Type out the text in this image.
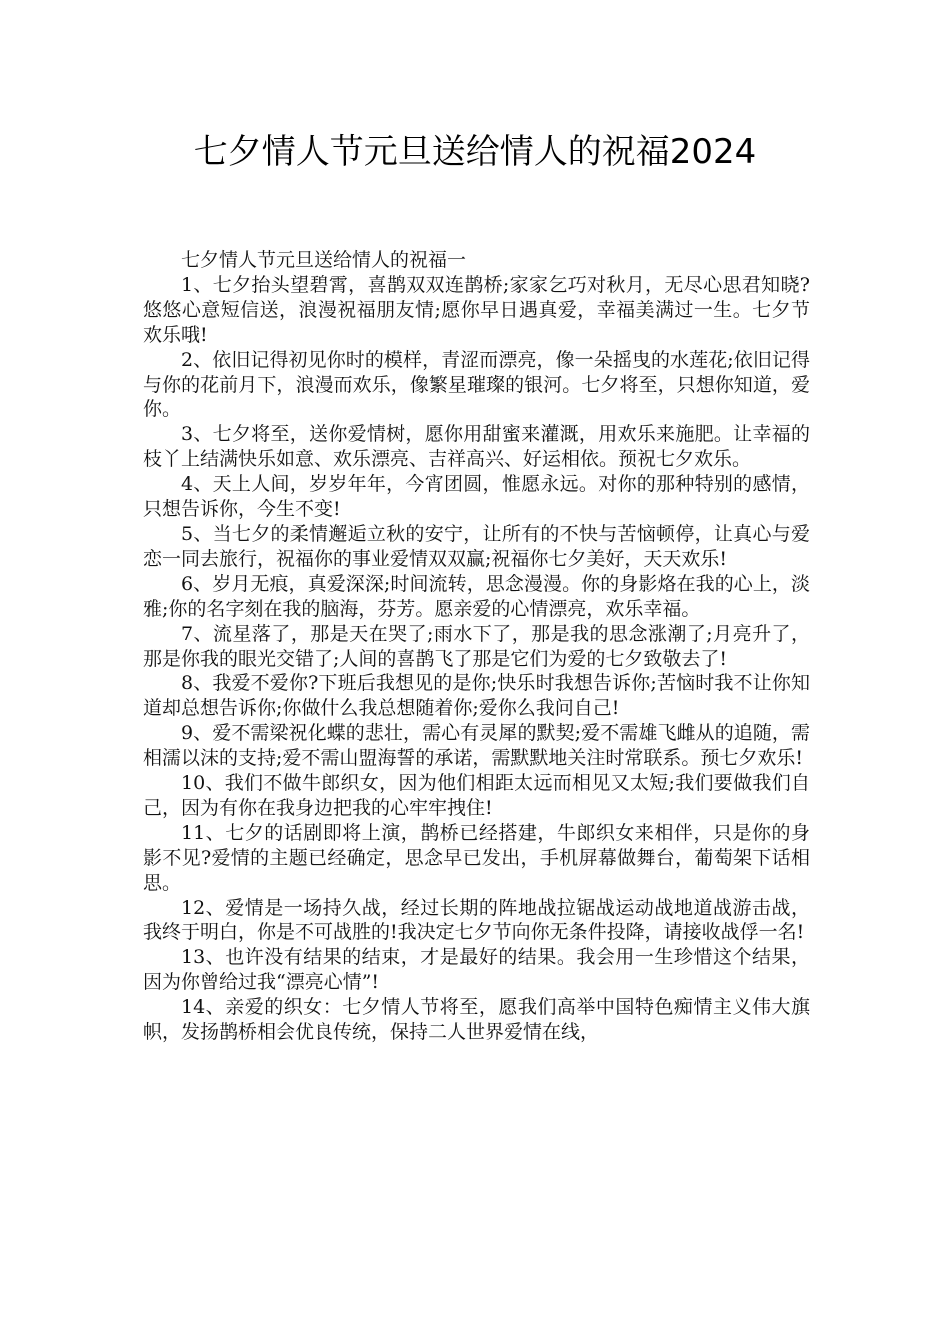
七夕情人节元旦送给情人的祝福2024

七夕情人节元旦送给情人的祝福一

1、七夕抬头望碧霄，喜鹊双双连鹊桥;家家乞巧对秋月，无尽心思君知晓?悠悠心意短信送，浪漫祝福朋友情;愿你早日遇真爱，幸福美满过一生。七夕节欢乐哦!

2、依旧记得初见你时的模样，青涩而漂亮，像一朵摇曳的水莲花;依旧记得与你的花前月下，浪漫而欢乐，像繁星璀璨的银河。七夕将至，只想你知道，爱你。

3、七夕将至，送你爱情树，愿你用甜蜜来灌溉，用欢乐来施肥。让幸福的枝丫上结满快乐如意、欢乐漂亮、吉祥高兴、好运相依。预祝七夕欢乐。

4、天上人间，岁岁年年，今宵团圆，惟愿永远。对你的那种特别的感情，只想告诉你，今生不变!

5、当七夕的柔情邂逅立秋的安宁，让所有的不快与苦恼顿停，让真心与爱恋一同去旅行，祝福你的事业爱情双双赢;祝福你七夕美好，天天欢乐!

6、岁月无痕，真爱深深;时间流转，思念漫漫。你的身影烙在我的心上，淡雅;你的名字刻在我的脑海，芬芳。愿亲爱的心情漂亮，欢乐幸福。

7、流星落了，那是天在哭了;雨水下了，那是我的思念涨潮了;月亮升了，那是你我的眼光交错了;人间的喜鹊飞了那是它们为爱的七夕致敬去了!

8、我爱不爱你?下班后我想见的是你;快乐时我想告诉你;苦恼时我不让你知道却总想告诉你;你做什么我总想随着你;爱你么我问自己!

9、爱不需梁祝化蝶的悲壮，需心有灵犀的默契;爱不需雄飞雌从的追随，需相濡以沫的支持;爱不需山盟海誓的承诺，需默默地关注时常联系。预七夕欢乐!

10、我们不做牛郎织女，因为他们相距太远而相见又太短;我们要做我们自己，因为有你在我身边把我的心牢牢拽住!

11、七夕的话剧即将上演，鹊桥已经搭建，牛郎织女来相伴，只是你的身影不见?爱情的主题已经确定，思念早已发出，手机屏幕做舞台，葡萄架下话相思。

12、爱情是一场持久战，经过长期的阵地战拉锯战运动战地道战游击战，我终于明白，你是不可战胜的!我决定七夕节向你无条件投降，请接收战俘一名!

13、也许没有结果的结束，才是最好的结果。我会用一生珍惜这个结果，因为你曾给过我“漂亮心情”!

14、亲爱的织女：七夕情人节将至，愿我们高举中国特色痴情主义伟大旗帜，发扬鹊桥相会优良传统，保持二人世界爱情在线，
